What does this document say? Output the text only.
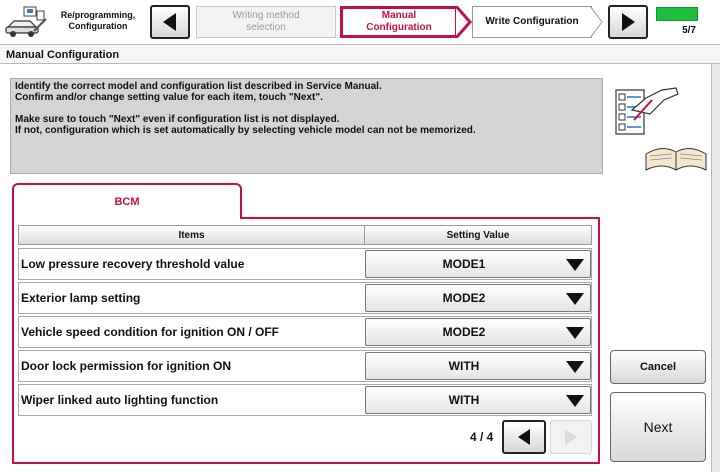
Re/programming,
Configuration
Writing method
selection
Manual
Configuration
Write Configuration
5/7
Manual Configuration

Identify the correct model and configuration list described in Service Manual.

Confirm and/or change setting value for each item, touch "Next".

Make sure to touch "Next" even if configuration list is not displayed.

If not, configuration which is set automatically by selecting vehicle model can not be memorized.

BCM
Items	Setting Value
Low pressure recovery threshold value	MODE1
Exterior lamp setting	MODE2
Vehicle speed condition for ignition ON / OFF	MODE2
Door lock permission for ignition ON	WITH
Wiper linked auto lighting function	WITH
4 / 4
Cancel
Next
